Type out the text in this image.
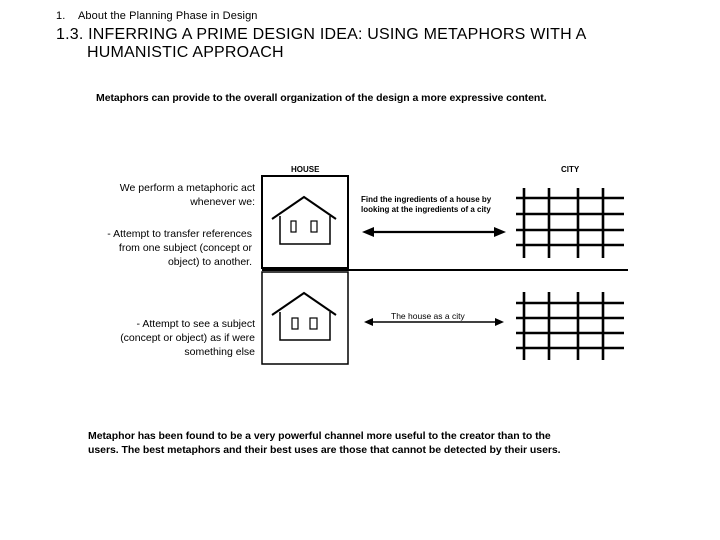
1. About the Planning Phase in Design
1.3. INFERRING A PRIME DESIGN IDEA: USING METAPHORS WITH A
HUMANISTIC APPROACH
Metaphors can provide to the overall organization of the design a more expressive content.
HOUSE	CITY
We perform a metaphoric act
whenever we:
- Attempt to transfer references
from one subject (concept or
object) to another.
- Attempt to see a subject
(concept or object) as if were
something else
Find the ingredients of a house by
looking at the ingredients of a city
The house as a city
Metaphor has been found to be a very powerful channel more useful to the creator than to the
users. The best metaphors and their best uses are those that cannot be detected by their users.
